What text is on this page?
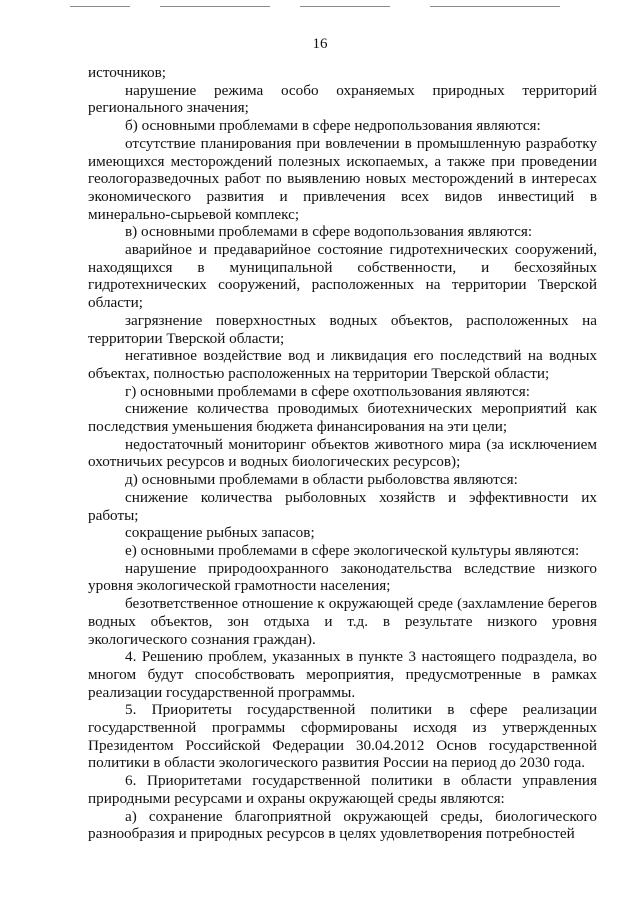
16

источников;

нарушение режима особо охраняемых природных территорий регионального значения;

б) основными проблемами в сфере недропользования являются:

отсутствие планирования при вовлечении в промышленную разработку имеющихся месторождений полезных ископаемых, а также при проведении геологоразведочных работ по выявлению новых месторождений в интересах экономического развития и привлечения всех видов инвестиций в минерально-сырьевой комплекс;

в) основными проблемами в сфере водопользования являются:

аварийное и предаварийное состояние гидротехнических сооружений, находящихся в муниципальной собственности, и бесхозяйных гидротехнических сооружений, расположенных на территории Тверской области;

загрязнение поверхностных водных объектов, расположенных на территории Тверской области;

негативное воздействие вод и ликвидация его последствий на водных объектах, полностью расположенных на территории Тверской области;

г) основными проблемами в сфере охотпользования являются:

снижение количества проводимых биотехнических мероприятий как последствия уменьшения бюджета финансирования на эти цели;

недостаточный мониторинг объектов животного мира (за исключением охотничьих ресурсов и водных биологических ресурсов);

д) основными проблемами в области рыболовства являются:

снижение количества рыболовных хозяйств и эффективности их работы;

сокращение рыбных запасов;

е) основными проблемами в сфере экологической культуры являются:

нарушение природоохранного законодательства вследствие низкого уровня экологической грамотности населения;

безответственное отношение к окружающей среде (захламление берегов водных объектов, зон отдыха и т.д. в результате низкого уровня экологического сознания граждан).

4. Решению проблем, указанных в пункте 3 настоящего подраздела, во многом будут способствовать мероприятия, предусмотренные в рамках реализации государственной программы.

5. Приоритеты государственной политики в сфере реализации государственной программы сформированы исходя из утвержденных Президентом Российской Федерации 30.04.2012 Основ государственной политики в области экологического развития России на период до 2030 года.

6. Приоритетами государственной политики в области управления природными ресурсами и охраны окружающей среды являются:

а) сохранение благоприятной окружающей среды, биологического разнообразия и природных ресурсов в целях удовлетворения потребностей
